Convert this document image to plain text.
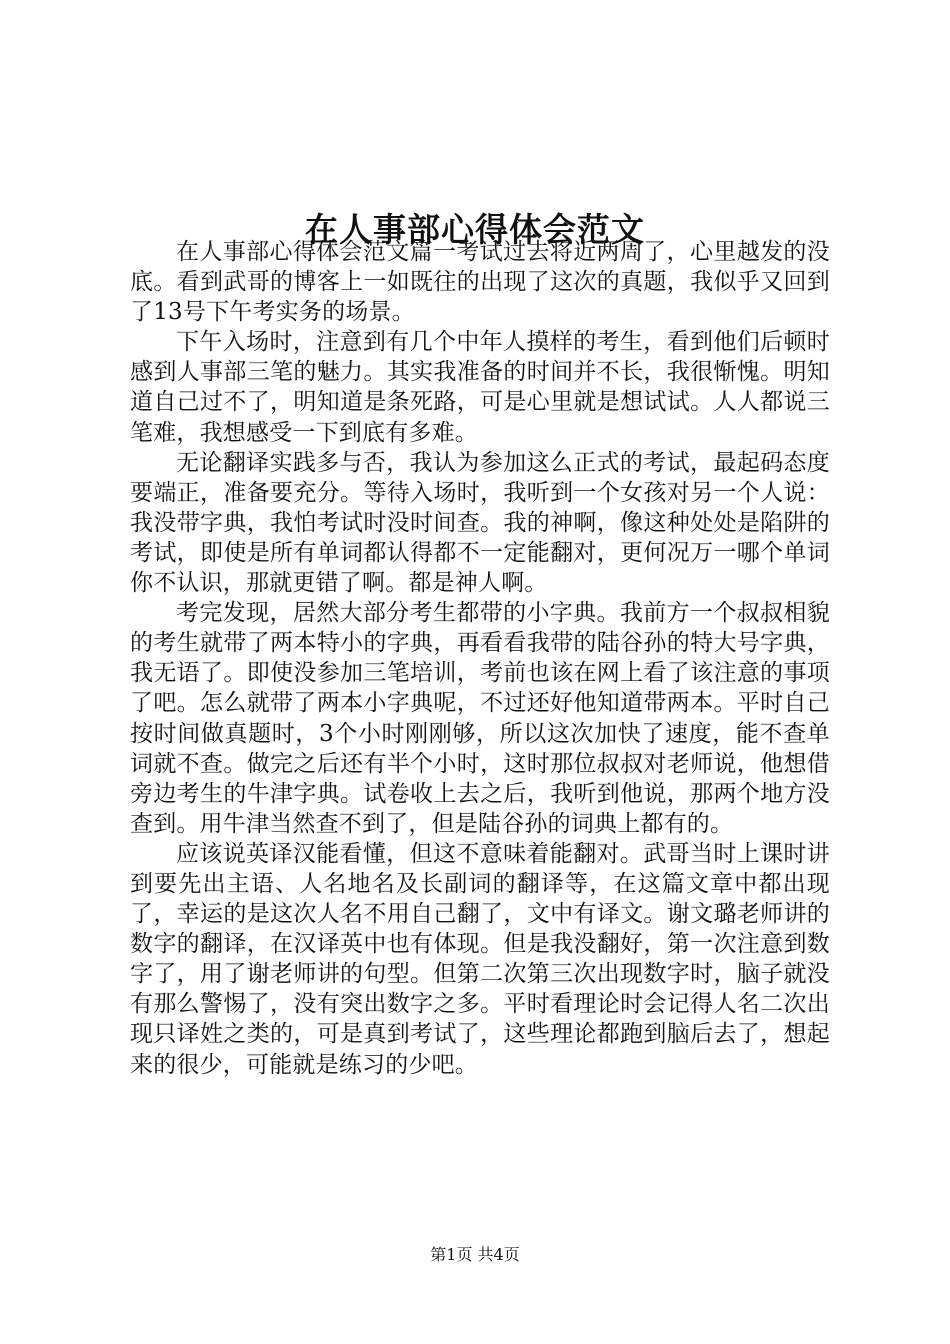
在人事部心得体会范文

在人事部心得体会范文篇一考试过去将近两周了，心里越发的没底。看到武哥的博客上一如既往的出现了这次的真题，我似乎又回到了13号下午考实务的场景。

下午入场时，注意到有几个中年人摸样的考生，看到他们后顿时感到人事部三笔的魅力。其实我准备的时间并不长，我很惭愧。明知道自己过不了，明知道是条死路，可是心里就是想试试。人人都说三笔难，我想感受一下到底有多难。

无论翻译实践多与否，我认为参加这么正式的考试，最起码态度要端正，准备要充分。等待入场时，我听到一个女孩对另一个人说：我没带字典，我怕考试时没时间查。我的神啊，像这种处处是陷阱的考试，即使是所有单词都认得都不一定能翻对，更何况万一哪个单词你不认识，那就更错了啊。都是神人啊。

考完发现，居然大部分考生都带的小字典。我前方一个叔叔相貌的考生就带了两本特小的字典，再看看我带的陆谷孙的特大号字典，我无语了。即使没参加三笔培训，考前也该在网上看了该注意的事项了吧。怎么就带了两本小字典呢，不过还好他知道带两本。平时自己按时间做真题时，3个小时刚刚够，所以这次加快了速度，能不查单词就不查。做完之后还有半个小时，这时那位叔叔对老师说，他想借旁边考生的牛津字典。试卷收上去之后，我听到他说，那两个地方没查到。用牛津当然查不到了，但是陆谷孙的词典上都有的。

应该说英译汉能看懂，但这不意味着能翻对。武哥当时上课时讲到要先出主语、人名地名及长副词的翻译等，在这篇文章中都出现了，幸运的是这次人名不用自己翻了，文中有译文。谢文璐老师讲的数字的翻译，在汉译英中也有体现。但是我没翻好，第一次注意到数字了，用了谢老师讲的句型。但第二次第三次出现数字时，脑子就没有那么警惕了，没有突出数字之多。平时看理论时会记得人名二次出现只译姓之类的，可是真到考试了，这些理论都跑到脑后去了，想起来的很少，可能就是练习的少吧。

第1页 共4页
